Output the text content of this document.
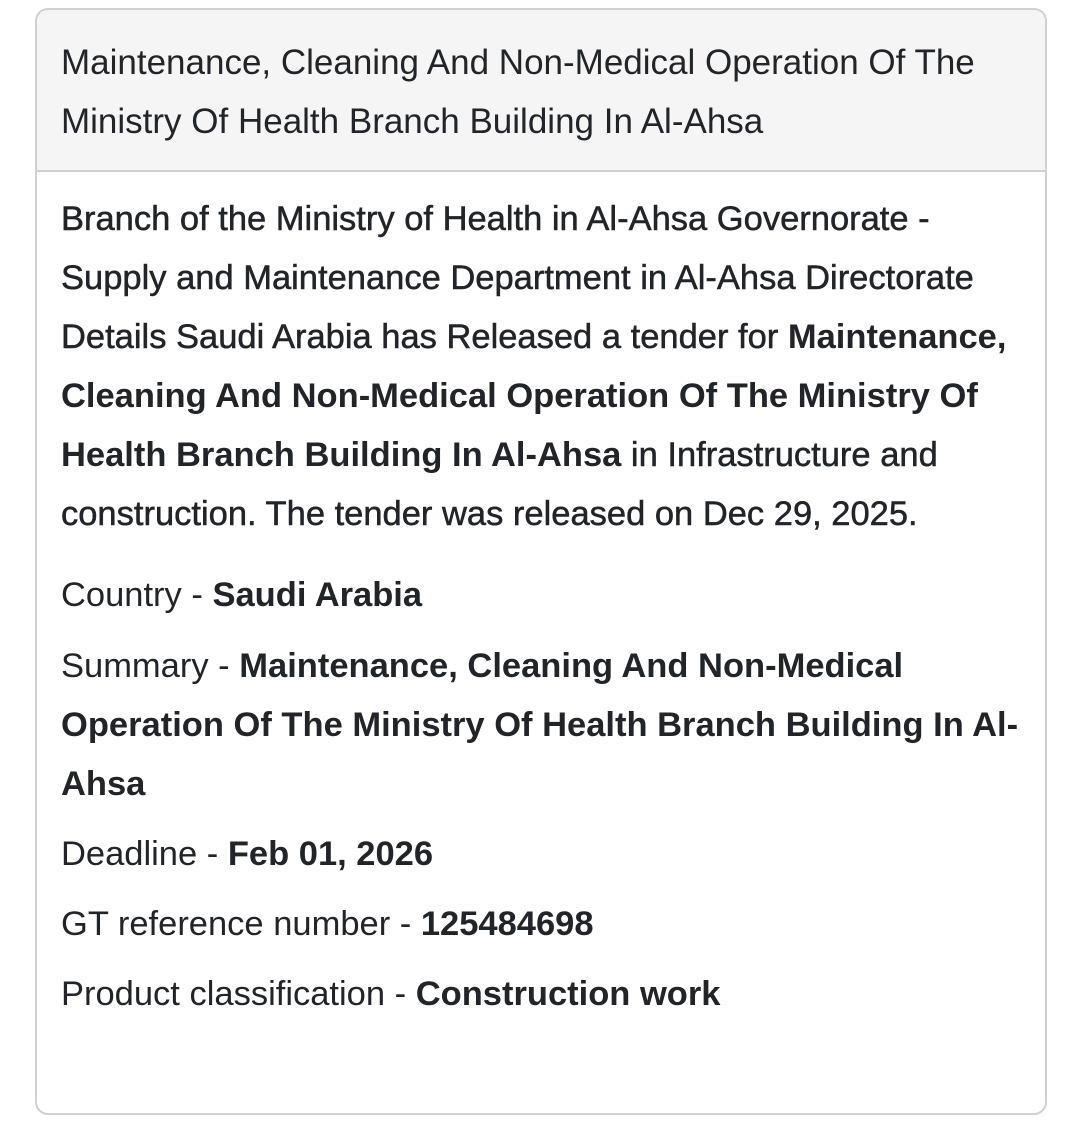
Maintenance, Cleaning And Non-Medical Operation Of The Ministry Of Health Branch Building In Al-Ahsa

Branch of the Ministry of Health in Al-Ahsa Governorate - Supply and Maintenance Department in Al-Ahsa Directorate Details Saudi Arabia has Released a tender for Maintenance, Cleaning And Non-Medical Operation Of The Ministry Of Health Branch Building In Al-Ahsa in Infrastructure and construction. The tender was released on Dec 29, 2025.

Country - Saudi Arabia

Summary - Maintenance, Cleaning And Non-Medical Operation Of The Ministry Of Health Branch Building In Al-Ahsa

Deadline - Feb 01, 2026

GT reference number - 125484698

Product classification - Construction work
